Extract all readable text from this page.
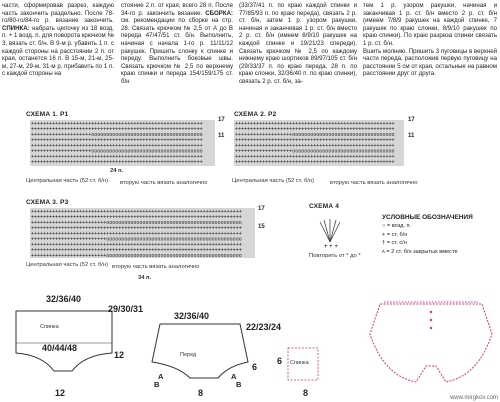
части, сформировав разрез, каждую часть закончить раздельно. После 78-го/80-го/84-го р. вязание закончить. СПИНКА: набрать цепочку из 18 возд. п. + 1 возд. п. для поворота крючком № 3, вязать ст. б/н. В 9-м р. убавить 1 п. с каждой стороны на расстоянии 2 п. от края, останется 16 п. В 15-м, 21-м, 25-м, 27-м, 29-м, 31-м р. прибавить по 1 п. с каждой стороны на
стояние 2 п. от края, всего 28 п. После 34-го р. закончить вязание. СБОРКА: см. рекомендации по сборке на стр. 28. Связать крючком № 2,5 от А до В переда 47/47/51 ст. б/н. Выполнить, начиная с начала 1-го р. 11/11/12 ракушек. Пришить слонку к спинке и переду. Выполнить боковые швы. Связать крючком № 2,5 по верхнему краю спинки и переда 154/159/175 ст. б/н
(33/37/41 п. по краю каждой спинки и 77/85/93 п. по краю переда), связать 2 р. ст. б/н, затем 1 р. узором ракушки, начиная и заканчивая 1 р. ст. б/н вместо 2 р. ст. б/н (имеем 8/9/10 ракушек на каждой спинке и 19/21/23 спереди). Связать крючком № 2,5 по каждому нижнему краю шортиков 89/97/105 ст. б/н (29/33/37 п. по краю переда, 28 п. по краю слонки, 32/36/40 п. по краю спинки), связать 2 р. ст. б/н, за-
тем 1 р. узором ракушки, начиная и заканчивая 1 р. ст. б/н вместо 2 р. ст. б/н (имеем 7/8/9 ракушек на каждой спинке, 7 ракушек по краю слонки, 8/9/10 ракушек по краю спинки). По краю разреза спинки связать 1 р. ст. б/н.
Вшить молнию. Пришить 3 пуговицы в верхней части переда, расположив первую пуговицу на расстоянии 5 см от края, остальные на равном расстоянии друг от друга.
СХЕМА 1. Р1
+++++++++++++++++++++++++++++++++++++++++++++++++++++++++
+++++++++++++++++++++++++++++++++++++++++++++++++++++++++
++++++++++++++++++++ooooooooooooooooooooooooooooooooooooo
+++++++++++++++++++++++++++++++++++++++++++++++++++++++++
+++++++++++++++++++++++++++++++++++++++++++++++++++++++++
++++++++++++++++++++ooooooooooooooooooooooooooooooooooooo
+++++++++++++++++++++++++++++++++++++++++++++++++++++++++
+++++++++++++++++++++++++++++++++++++++++++++++++++++++++
17
11
24 п.
Центральная часть (52 ст. б/н) вторую часть вязать аналогично
СХЕМА 2. Р2
+++++++++++++++++++++++++++++++++++++++++++++++++++++
+++++++++++++++++++++++++++++++++++++++++++++++++++++
+++++++++++++++++++oooooooooooooooooooooooooooooooooo
+++++++++++++++++++++++++++++++++++++++++++++++++++++
+++++++++++++++++++++++++++++++++++++++++++++++++++++
+++++++++++++++++++oooooooooooooooooooooooooooooooooo
+++++++++++++++++++++++++++++++++++++++++++++++++++++
+++++++++++++++++++++++++++++++++++++++++++++++++++++
17
11
Центральная часть (52 ст. б/н)	вторую часть вязать аналогично
СХЕМА 3. Р3
++++++++++++++++++++++++++++++++++++++++++++++++++++++++++++++++++++++
++++++++++++++++++++++++++++++++++++++++++++++++++++++++++++++++++++++
+++++++++++++++++++++++++ooooooooooooooooooooooooooooooooooooooooooooo
++++++++++++++++++++++++++++++++++++++++++++++++++++++++++++++++++++++
++++++++++++++++++++++++++++++++++++++++++++++++++++++++++++++++++++++
+++++++++++++++++++++++++ooooooooooooooooooooooooooooooooooooooooooooo
++++++++++++++++++++++++++++++++++++++++++++++++++++++++++++++++++++++
++++++++++++++++++++++++++++++++++++++++++++++++++++++++++++++++++++++
+++++++++++++++++++++++++ooooooooooooooooooooooooooooooooooooooooooooo
17
15
Центральная часть (52 ст. б/н) вторую часть вязать аналогично
34 п.
СХЕМА 4
+ + +
Повторить от * до *
УСЛОВНЫЕ ОБОЗНАЧЕНИЯ
○ = возд. п.
+ = ст. б/н
† = ст. с/н
ʌ = 2 ст. б/н закрытых вместе
32/36/40
29/30/31
Спинка
40/44/48
12
12
32/36/40
22/23/24
Перед
A
B
A
B
6
8
Спинка
6
8	www.mirgkov.com
